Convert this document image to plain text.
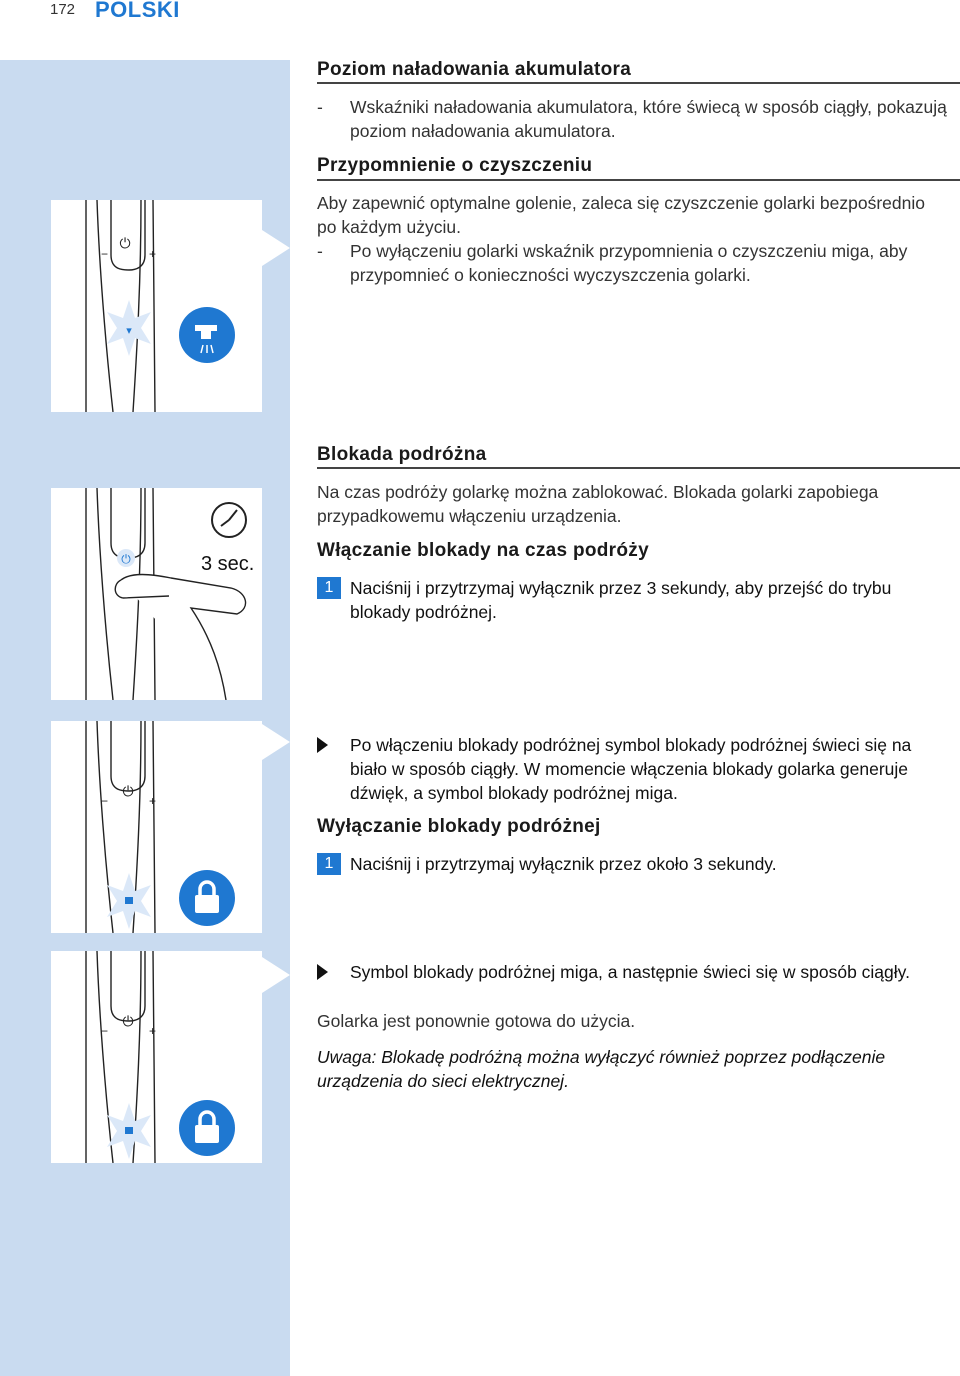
172 POLSKI
⏻
−	+
▾
⏻	3 sec.
⏻
−	+
⏻
−	+
Poziom naładowania akumulatora
- Wskaźniki naładowania akumulatora, które świecą w sposób ciągły, pokazują poziom naładowania akumulatora.
Przypomnienie o czyszczeniu
Aby zapewnić optymalne golenie, zaleca się czyszczenie golarki bezpośrednio po każdym użyciu.
- Po wyłączeniu golarki wskaźnik przypomnienia o czyszczeniu miga, aby przypomnieć o konieczności wyczyszczenia golarki.
Blokada podróżna
Na czas podróży golarkę można zablokować. Blokada golarki zapobiega przypadkowemu włączeniu urządzenia.
Włączanie blokady na czas podróży
1 Naciśnij i przytrzymaj wyłącznik przez 3 sekundy, aby przejść do trybu blokady podróżnej.
Po włączeniu blokady podróżnej symbol blokady podróżnej świeci się na biało w sposób ciągły. W momencie włączenia blokady golarka generuje dźwięk, a symbol blokady podróżnej miga.
Wyłączanie blokady podróżnej
1 Naciśnij i przytrzymaj wyłącznik przez około 3 sekundy.
Symbol blokady podróżnej miga, a następnie świeci się w sposób ciągły.
Golarka jest ponownie gotowa do użycia.
Uwaga: Blokadę podróżną można wyłączyć również poprzez podłączenie urządzenia do sieci elektrycznej.
